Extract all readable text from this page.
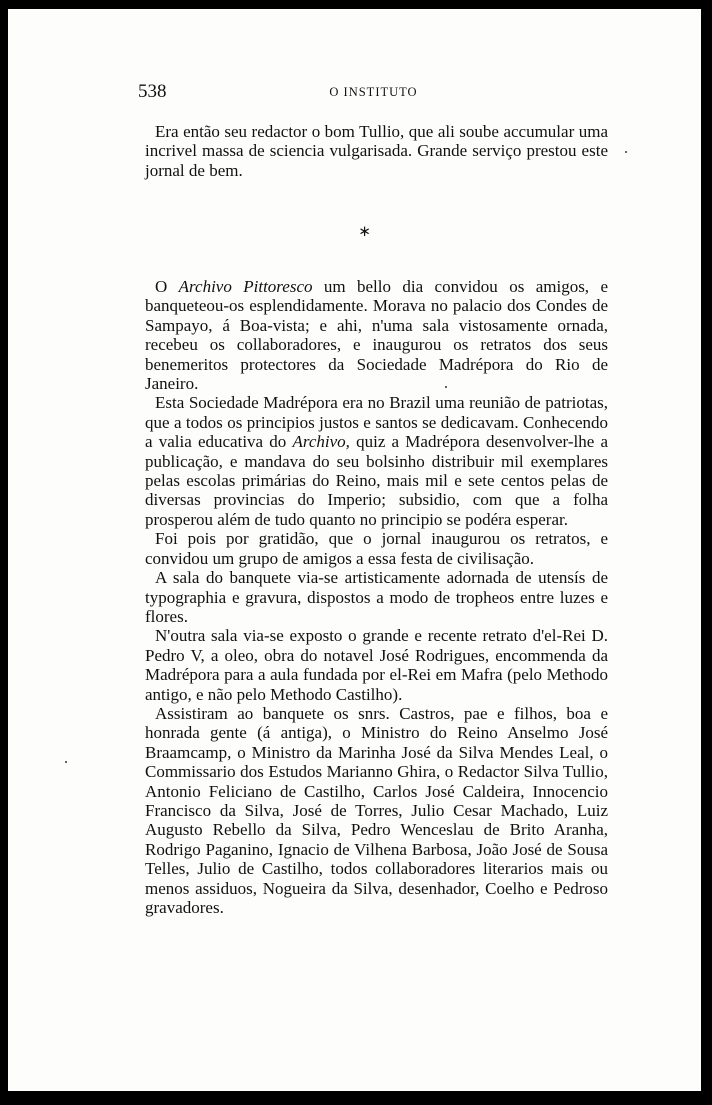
538	O INSTITUTO

Era então seu redactor o bom Tullio, que ali soube accumular uma incrivel massa de sciencia vulgarisada. Grande serviço prestou este jornal de bem.

∗

O Archivo Pittoresco um bello dia convidou os amigos, e banqueteou-os esplendidamente. Morava no palacio dos Condes de Sampayo, á Boa-vista; e ahi, n'uma sala vistosamente ornada, recebeu os collaboradores, e inaugurou os retratos dos seus benemeritos protectores da Sociedade Madrépora do Rio de Janeiro.

Esta Sociedade Madrépora era no Brazil uma reunião de patriotas, que a todos os principios justos e santos se dedicavam. Conhecendo a valia educativa do Archivo, quiz a Madrépora desenvolver-lhe a publicação, e mandava do seu bolsinho distribuir mil exemplares pelas escolas primárias do Reino, mais mil e sete centos pelas de diversas provincias do Imperio; subsidio, com que a folha prosperou além de tudo quanto no principio se podéra esperar.

Foi pois por gratidão, que o jornal inaugurou os retratos, e convidou um grupo de amigos a essa festa de civilisação.

A sala do banquete via-se artisticamente adornada de utensís de typographia e gravura, dispostos a modo de tropheos entre luzes e flores.

N'outra sala via-se exposto o grande e recente retrato d'el-Rei D. Pedro V, a oleo, obra do notavel José Rodrigues, encommenda da Madrépora para a aula fundada por el-Rei em Mafra (pelo Methodo antigo, e não pelo Methodo Castilho).

Assistiram ao banquete os snrs. Castros, pae e filhos, boa e honrada gente (á antiga), o Ministro do Reino Anselmo José Braamcamp, o Ministro da Marinha José da Silva Mendes Leal, o Commissario dos Estudos Marianno Ghira, o Redactor Silva Tullio, Antonio Feliciano de Castilho, Carlos José Caldeira, Innocencio Francisco da Silva, José de Torres, Julio Cesar Machado, Luiz Augusto Rebello da Silva, Pedro Wenceslau de Brito Aranha, Rodrigo Paganino, Ignacio de Vilhena Barbosa, João José de Sousa Telles, Julio de Castilho, todos collaboradores literarios mais ou menos assiduos, Nogueira da Silva, desenhador, Coelho e Pedroso gravadores.
